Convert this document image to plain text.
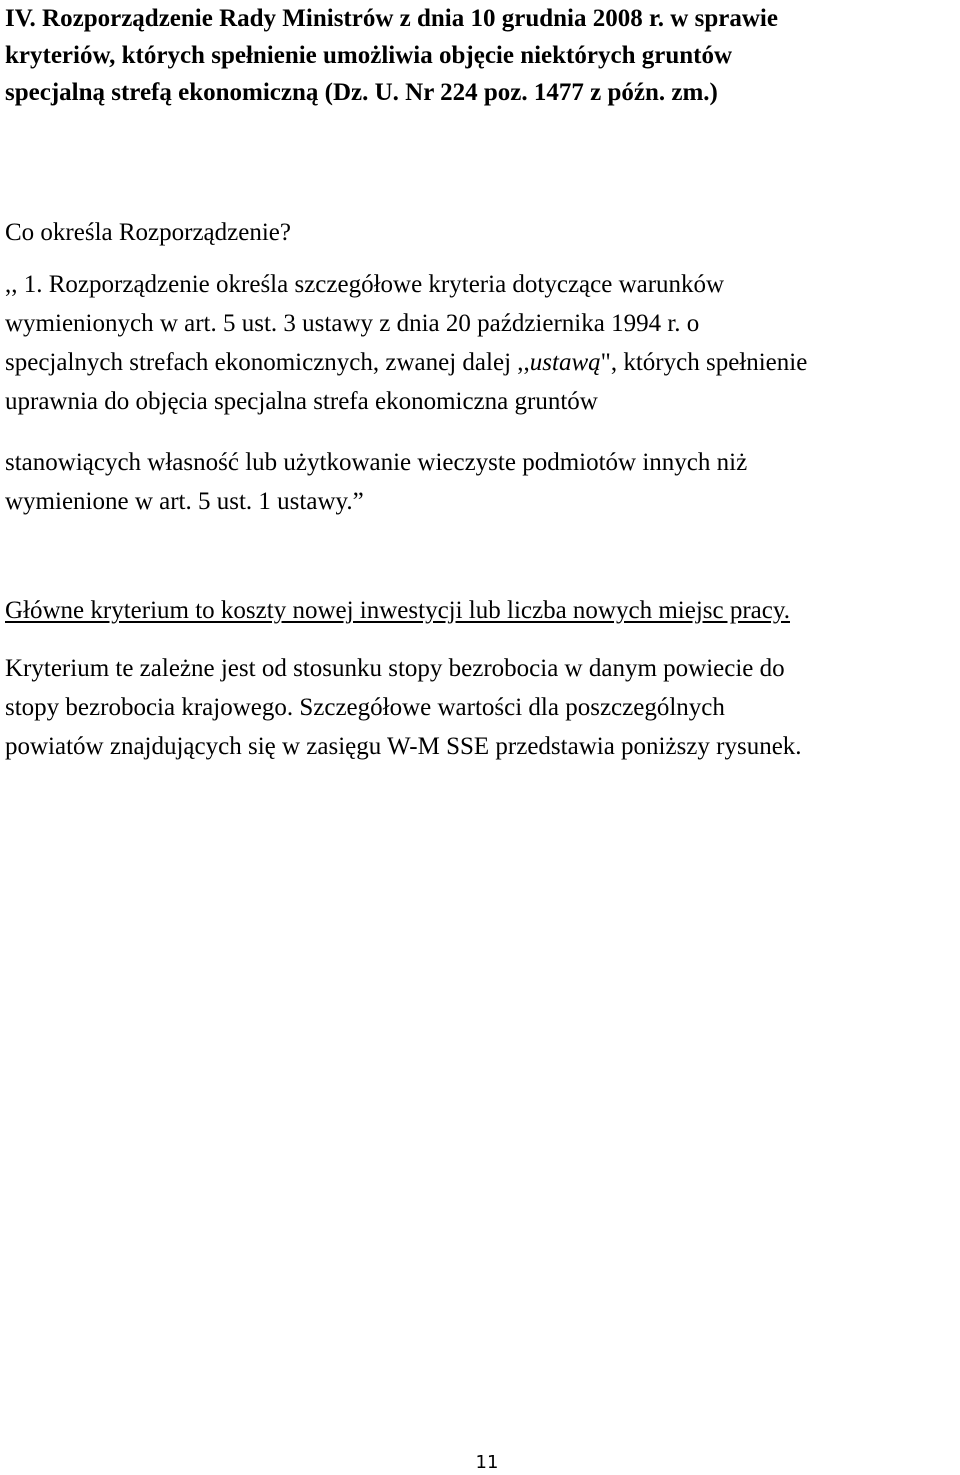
IV. Rozporządzenie Rady Ministrów z dnia 10 grudnia 2008 r. w sprawie
kryteriów, których spełnienie umożliwia objęcie niektórych gruntów
specjalną strefą ekonomiczną (Dz. U. Nr 224 poz. 1477 z późn. zm.)
Co określa Rozporządzenie?
,, 1. Rozporządzenie określa szczegółowe kryteria dotyczące warunków
wymienionych w art. 5 ust. 3 ustawy z dnia 20 października 1994 r. o
specjalnych strefach ekonomicznych, zwanej dalej ,,ustawą", których spełnienie
uprawnia do objęcia specjalna strefa ekonomiczna gruntów
stanowiących własność lub użytkowanie wieczyste podmiotów innych niż
wymienione w art. 5 ust. 1 ustawy.”
Główne kryterium to koszty nowej inwestycji lub liczba nowych miejsc pracy.
Kryterium te zależne jest od stosunku stopy bezrobocia w danym powiecie do
stopy bezrobocia krajowego. Szczegółowe wartości dla poszczególnych
powiatów znajdujących się w zasięgu W-M SSE przedstawia poniższy rysunek.
11
